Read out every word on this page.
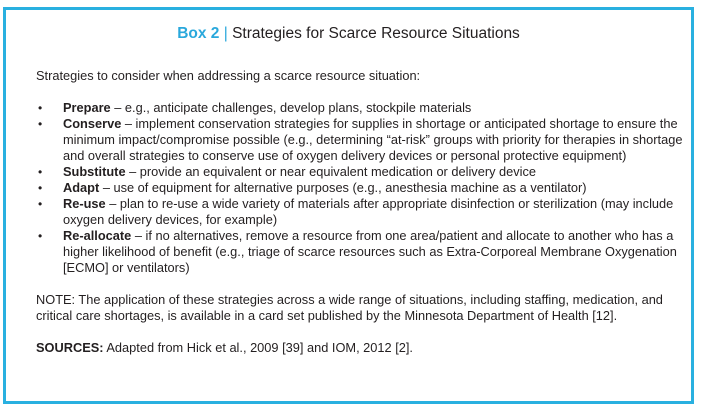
Box 2 | Strategies for Scarce Resource Situations

Strategies to consider when addressing a scarce resource situation:

• Prepare – e.g., anticipate challenges, develop plans, stockpile materials
• Conserve – implement conservation strategies for supplies in shortage or anticipated shortage to ensure the minimum impact/compromise possible (e.g., determining “at-risk” groups with priority for therapies in shortage and overall strategies to conserve use of oxygen delivery devices or personal protective equipment)
• Substitute – provide an equivalent or near equivalent medication or delivery device
• Adapt – use of equipment for alternative purposes (e.g., anesthesia machine as a ventilator)
• Re-use – plan to re-use a wide variety of materials after appropriate disinfection or sterilization (may include oxygen delivery devices, for example)
• Re-allocate – if no alternatives, remove a resource from one area/patient and allocate to another who has a higher likelihood of benefit (e.g., triage of scarce resources such as Extra-Corporeal Membrane Oxygenation [ECMO] or ventilators)

NOTE: The application of these strategies across a wide range of situations, including staffing, medication, and critical care shortages, is available in a card set published by the Minnesota Department of Health [12].

SOURCES: Adapted from Hick et al., 2009 [39] and IOM, 2012 [2].
